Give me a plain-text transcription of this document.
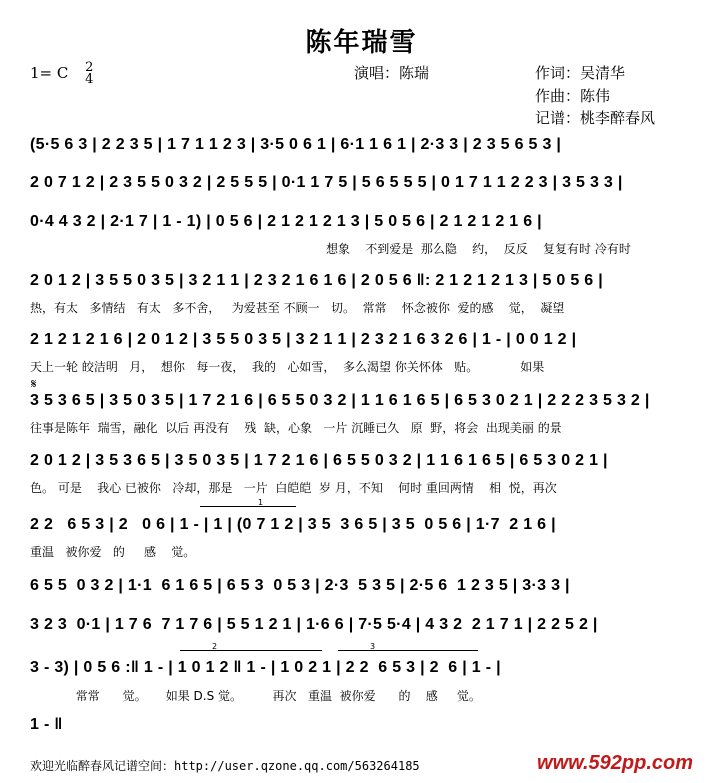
陈年瑞雪
1= C 2
4	演唱：陈瑞	作词：吴清华
作曲：陈伟
记谱：桃李醉春风
(5·5 6 3 | 2 2 3 5 | 1 7 1 1 2 3 | 3·5 0 6 1 | 6·1 1 6 1 | 2·3 3 | 2 3 5 6 5 3 |
2 0 7 1 2 | 2 3 5 5 0 3 2 | 2 5 5 5 | 0·1 1 7 5 | 5 6 5 5 5 | 0 1 7 1 1 2 2 3 | 3 5 3 3 |
0·4 4 3 2 | 2·1 7 | 1 - 1) | 0 5 6 | 2 1 2 1 2 1 3 | 5 0 5 6 | 2 1 2 1 2 1 6 |
想象    不到爱是  那么隐    约，  反反    复复有时 冷有时
2 0 1 2 | 3 5 5 0 3 5 | 3 2 1 1 | 2 3 2 1 6 1 6 | 2 0 5 6 ‖: 2 1 2 1 2 1 3 | 5 0 5 6 |
热，有太   多情结   有太   多不舍，   为爱甚至 不顾一   切。  常常    怀念被你  爱的感    觉，  凝望
2 1 2 1 2 1 6 | 2 0 1 2 | 3 5 5 0 3 5 | 3 2 1 1 | 2 3 2 1 6 3 2 6 | 1 - | 0 0 1 2 |
天上一轮 皎洁明   月，  想你   每一夜，  我的   心如雪，  多么渴望 你关怀体   贴。           如果
𝄋
3 5 3 6 5 | 3 5 0 3 5 | 1 7 2 1 6 | 6 5 5 0 3 2 | 1 1 6 1 6 5 | 6 5 3 0 2 1 | 2 2 2 3 5 3 2 |
往事是陈年  瑞雪，融化  以后 再没有    残  缺，心象   一片 沉睡已久   原  野，将会  出现美丽 的景
2 0 1 2 | 3 5 3 6 5 | 3 5 0 3 5 | 1 7 2 1 6 | 6 5 5 0 3 2 | 1 1 6 1 6 5 | 6 5 3 0 2 1 |
色。 可是    我心 已被你   冷却，那是   一片  白皑皑  岁 月，不知    何时 重回两情    相  悦，再次
1
2 2   6 5 3 | 2   0 6 | 1 - | 1 | (0 7 1 2 | 3 5  3 6 5 | 3 5  0 5 6 | 1·7  2 1 6 |
重温   被你爱   的     感    觉。
6 5 5  0 3 2 | 1·1  6 1 6 5 | 6 5 3  0 5 3 | 2·3  5 3 5 | 2·5 6  1 2 3 5 | 3·3 3 |
3 2 3  0·1 | 1 7 6  7 1 7 6 | 5 5 1 2 1 | 1·6 6 | 7·5 5·4 | 4 3 2  2 1 7 1 | 2 2 5 2 |
2	3
3 - 3) | 0 5 6 :‖ 1 - | 1 0 1 2 ‖ 1 - | 1 0 2 1 | 2 2  6 5 3 | 2  6 | 1 - |
常常      觉。     如果 D.S 觉。        再次   重温  被你爱      的    感     觉。
1 - ‖
欢迎光临醉春风记谱空间：http://user.qzone.qq.com/563264185	www.592pp.com
